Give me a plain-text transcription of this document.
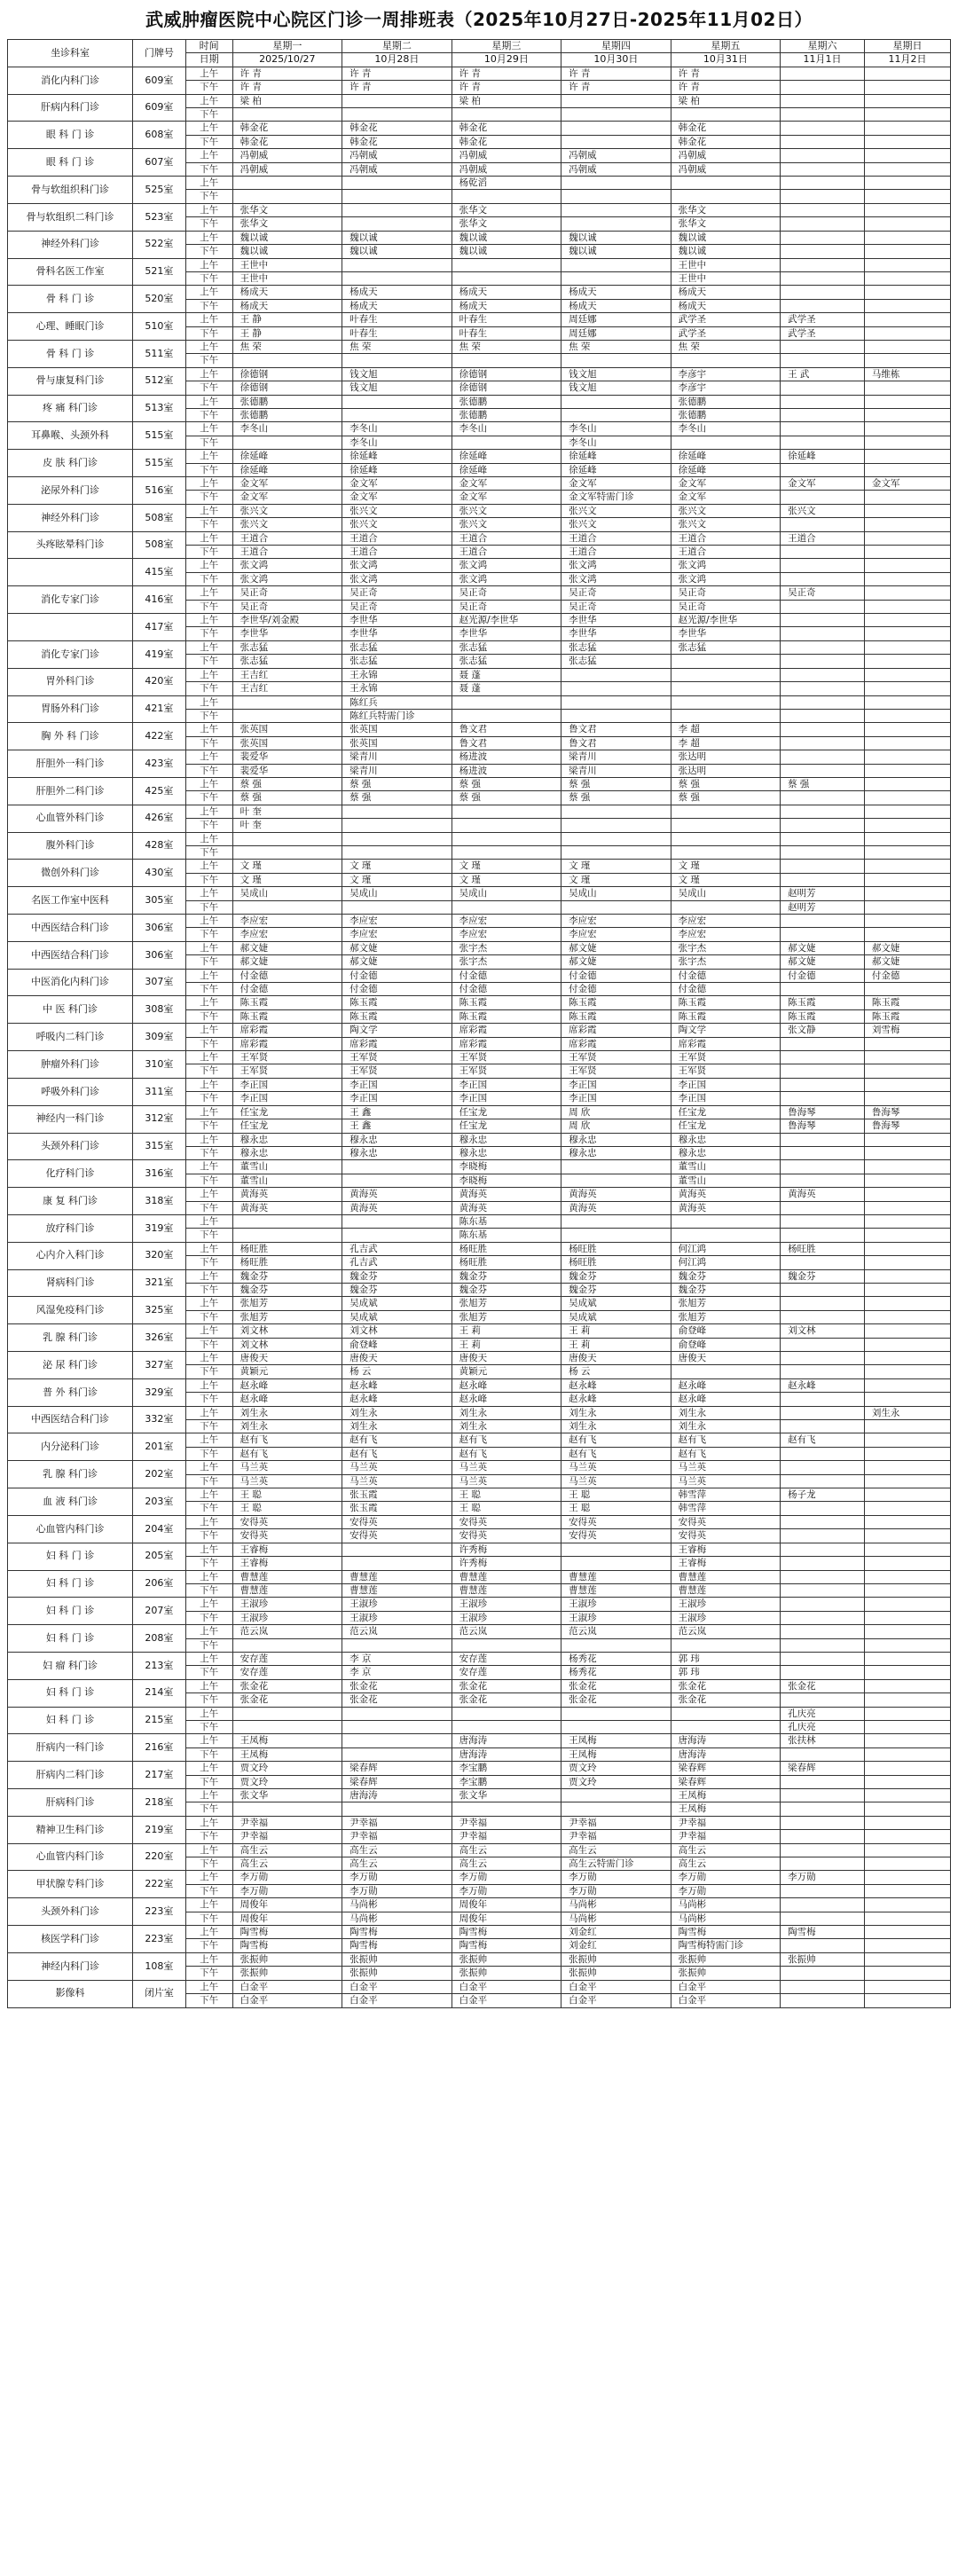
武威肿瘤医院中心院区门诊一周排班表（2025年10月27日-2025年11月02日）
坐诊科室	门牌号	时间	星期一	星期二	星期三	星期四	星期五	星期六	星期日
		日期	2025/10/27	10月28日	10月29日	10月30日	10月31日	11月1日	11月2日
消化内科门诊	609室	上午	许 青	许 青	许 青	许 青	许 青		
		下午	许 青	许 青	许 青	许 青	许 青		
肝病内科门诊	609室	上午	梁 柏		梁 柏		梁 柏		
		下午							
眼 科 门 诊	608室	上午	韩金花	韩金花	韩金花		韩金花		
		下午	韩金花	韩金花	韩金花		韩金花		
眼 科 门 诊	607室	上午	冯朝威	冯朝威	冯朝威	冯朝威	冯朝威		
		下午	冯朝威	冯朝威	冯朝威	冯朝威	冯朝威		
骨与软组织科门诊	525室	上午			杨乾滔				
		下午							
骨与软组织二科门诊	523室	上午	张华文		张华文		张华文		
		下午	张华文		张华文		张华文		
神经外科门诊	522室	上午	魏以诚	魏以诚	魏以诚	魏以诚	魏以诚		
		下午	魏以诚	魏以诚	魏以诚	魏以诚	魏以诚		
骨科名医工作室	521室	上午	王世中				王世中		
		下午	王世中				王世中		
骨 科 门 诊	520室	上午	杨成天	杨成天	杨成天	杨成天	杨成天		
		下午	杨成天	杨成天	杨成天	杨成天	杨成天		
心理、睡眠门诊	510室	上午	王 静	叶春生	叶春生	周廷娜	武学圣	武学圣	
		下午	王 静	叶春生	叶春生	周廷娜	武学圣	武学圣	
骨 科 门 诊	511室	上午	焦 荣	焦 荣	焦 荣	焦 荣	焦 荣		
		下午							
骨与康复科门诊	512室	上午	徐德钢	钱文旭	徐德钢	钱文旭	李彦宇	王 武	马维栋
		下午	徐德钢	钱文旭	徐德钢	钱文旭	李彦宇		
疼 痛 科门诊	513室	上午	张德鹏		张德鹏		张德鹏		
		下午	张德鹏		张德鹏		张德鹏		
耳鼻喉、头颈外科	515室	上午	李冬山	李冬山	李冬山	李冬山	李冬山		
		下午		李冬山		李冬山			
皮 肤 科门诊	515室	上午	徐延峰	徐延峰	徐延峰	徐延峰	徐延峰	徐延峰	
		下午	徐延峰	徐延峰	徐延峰	徐延峰	徐延峰		
泌尿外科门诊	516室	上午	金文军	金文军	金文军	金文军	金文军	金文军	金文军
		下午	金文军	金文军	金文军	金文军特需门诊	金文军		
神经外科门诊	508室	上午	张兴文	张兴文	张兴文	张兴文	张兴文	张兴文	
		下午	张兴文	张兴文	张兴文	张兴文	张兴文		
头疼眩晕科门诊	508室	上午	王道合	王道合	王道合	王道合	王道合	王道合	
		下午	王道合	王道合	王道合	王道合	王道合		
	415室	上午	张文鸿	张文鸿	张文鸿	张文鸿	张文鸿		
		下午	张文鸿	张文鸿	张文鸿	张文鸿	张文鸿		
消化专家门诊	416室	上午	吴正奇	吴正奇	吴正奇	吴正奇	吴正奇	吴正奇	
		下午	吴正奇	吴正奇	吴正奇	吴正奇	吴正奇		
	417室	上午	李世华/刘金殿	李世华	赵光源/李世华	李世华	赵光源/李世华		
		下午	李世华	李世华	李世华	李世华	李世华		
消化专家门诊	419室	上午	张志猛	张志猛	张志猛	张志猛	张志猛		
		下午	张志猛	张志猛	张志猛	张志猛			
胃外科门诊	420室	上午	王吉红	王永锦	聂 蓬				
		下午	王吉红	王永锦	聂 蓬				
胃肠外科门诊	421室	上午		陈红兵					
		下午		陈红兵特需门诊					
胸 外 科 门诊	422室	上午	张英国	张英国	鲁文君	鲁文君	李 超		
		下午	张英国	张英国	鲁文君	鲁文君	李 超		
肝胆外一科门诊	423室	上午	裴爱华	梁青川	杨进波	梁青川	张达明		
		下午	裴爱华	梁青川	杨进波	梁青川	张达明		
肝胆外二科门诊	425室	上午	蔡 强	蔡 强	蔡 强	蔡 强	蔡 强	蔡 强	
		下午	蔡 强	蔡 强	蔡 强	蔡 强	蔡 强		
心血管外科门诊	426室	上午	叶 奎						
		下午	叶 奎						
腹外科门诊	428室	上午							
		下午							
微创外科门诊	430室	上午	文 瑾	文 瑾	文 瑾	文 瑾	文 瑾		
		下午	文 瑾	文 瑾	文 瑾	文 瑾	文 瑾		
名医工作室中医科	305室	上午	吴成山	吴成山	吴成山	吴成山	吴成山	赵明芳	
		下午						赵明芳	
中西医结合科门诊	306室	上午	李应宏	李应宏	李应宏	李应宏	李应宏		
		下午	李应宏	李应宏	李应宏	李应宏	李应宏		
中西医结合科门诊	306室	上午	郝文婕	郝文婕	张宇杰	郝文婕	张宇杰	郝文婕	郝文婕
		下午	郝文婕	郝文婕	张宇杰	郝文婕	张宇杰	郝文婕	郝文婕
中医消化内科门诊	307室	上午	付金德	付金德	付金德	付金德	付金德	付金德	付金德
		下午	付金德	付金德	付金德	付金德	付金德		
中 医 科门诊	308室	上午	陈玉霞	陈玉霞	陈玉霞	陈玉霞	陈玉霞	陈玉霞	陈玉霞
		下午	陈玉霞	陈玉霞	陈玉霞	陈玉霞	陈玉霞	陈玉霞	陈玉霞
呼吸内二科门诊	309室	上午	席彩霞	陶文学	席彩霞	席彩霞	陶文学	张文静	刘雪梅
		下午	席彩霞	席彩霞	席彩霞	席彩霞	席彩霞		
肿瘤外科门诊	310室	上午	王军贤	王军贤	王军贤	王军贤	王军贤		
		下午	王军贤	王军贤	王军贤	王军贤	王军贤		
呼吸外科门诊	311室	上午	李正国	李正国	李正国	李正国	李正国		
		下午	李正国	李正国	李正国	李正国	李正国		
神经内一科门诊	312室	上午	任宝龙	王 鑫	任宝龙	周 欣	任宝龙	鲁海琴	鲁海琴
		下午	任宝龙	王 鑫	任宝龙	周 欣	任宝龙	鲁海琴	鲁海琴
头颈外科门诊	315室	上午	穆永忠	穆永忠	穆永忠	穆永忠	穆永忠		
		下午	穆永忠	穆永忠	穆永忠	穆永忠	穆永忠		
化疗科门诊	316室	上午	董雪山		李晓梅		董雪山		
		下午	董雪山		李晓梅		董雪山		
康 复 科门诊	318室	上午	黄海英	黄海英	黄海英	黄海英	黄海英	黄海英	
		下午	黄海英	黄海英	黄海英	黄海英	黄海英		
放疗科门诊	319室	上午			陈东基				
		下午			陈东基				
心内介入科门诊	320室	上午	杨旺胜	孔吉武	杨旺胜	杨旺胜	何江鸿	杨旺胜	
		下午	杨旺胜	孔吉武	杨旺胜	杨旺胜	何江鸿		
肾病科门诊	321室	上午	魏金芬	魏金芬	魏金芬	魏金芬	魏金芬	魏金芬	
		下午	魏金芬	魏金芬	魏金芬	魏金芬	魏金芬		
风湿免疫科门诊	325室	上午	张旭芳	吴成斌	张旭芳	吴成斌	张旭芳		
		下午	张旭芳	吴成斌	张旭芳	吴成斌	张旭芳		
乳 腺 科门诊	326室	上午	刘文林	刘文林	王 莉	王 莉	俞登峰	刘文林	
		下午	刘文林	俞登峰	王 莉	王 莉	俞登峰		
泌 尿 科门诊	327室	上午	唐俊天	唐俊天	唐俊天	唐俊天	唐俊天		
		下午	黄颖元	杨 云	黄颖元	杨 云			
普 外 科门诊	329室	上午	赵永峰	赵永峰	赵永峰	赵永峰	赵永峰	赵永峰	
		下午	赵永峰	赵永峰	赵永峰	赵永峰	赵永峰		
中西医结合科门诊	332室	上午	刘生永	刘生永	刘生永	刘生永	刘生永		刘生永
		下午	刘生永	刘生永	刘生永	刘生永	刘生永		
内分泌科门诊	201室	上午	赵有飞	赵有飞	赵有飞	赵有飞	赵有飞	赵有飞	
		下午	赵有飞	赵有飞	赵有飞	赵有飞	赵有飞		
乳 腺 科门诊	202室	上午	马兰英	马兰英	马兰英	马兰英	马兰英		
		下午	马兰英	马兰英	马兰英	马兰英	马兰英		
血 液 科门诊	203室	上午	王 聪	张玉霞	王 聪	王 聪	韩雪萍	杨子龙	
		下午	王 聪	张玉霞	王 聪	王 聪	韩雪萍		
心血管内科门诊	204室	上午	安得英	安得英	安得英	安得英	安得英		
		下午	安得英	安得英	安得英	安得英	安得英		
妇 科 门 诊	205室	上午	王睿梅		许秀梅		王睿梅		
		下午	王睿梅		许秀梅		王睿梅		
妇 科 门 诊	206室	上午	曹慧莲	曹慧莲	曹慧莲	曹慧莲	曹慧莲		
		下午	曹慧莲	曹慧莲	曹慧莲	曹慧莲	曹慧莲		
妇 科 门 诊	207室	上午	王淑珍	王淑珍	王淑珍	王淑珍	王淑珍		
		下午	王淑珍	王淑珍	王淑珍	王淑珍	王淑珍		
妇 科 门 诊	208室	上午	范云岚	范云岚	范云岚	范云岚	范云岚		
		下午							
妇 瘤 科门诊	213室	上午	安存莲	李 京	安存莲	杨秀花	郭 玮		
		下午	安存莲	李 京	安存莲	杨秀花	郭 玮		
妇 科 门 诊	214室	上午	张金花	张金花	张金花	张金花	张金花	张金花	
		下午	张金花	张金花	张金花	张金花	张金花		
妇 科 门 诊	215室	上午						孔庆亮	
		下午						孔庆亮	
肝病内一科门诊	216室	上午	王凤梅		唐海涛	王凤梅	唐海涛	张扶林	
		下午	王凤梅		唐海涛	王凤梅	唐海涛		
肝病内二科门诊	217室	上午	贾文玲	梁春辉	李宝鹏	贾文玲	梁春辉	梁春辉	
		下午	贾文玲	梁春辉	李宝鹏	贾文玲	梁春辉		
肝病科门诊	218室	上午	张文华	唐海涛	张文华		王凤梅		
		下午					王凤梅		
精神卫生科门诊	219室	上午	尹幸福	尹幸福	尹幸福	尹幸福	尹幸福		
		下午	尹幸福	尹幸福	尹幸福	尹幸福	尹幸福		
心血管内科门诊	220室	上午	高生云	高生云	高生云	高生云	高生云		
		下午	高生云	高生云	高生云	高生云特需门诊	高生云		
甲状腺专科门诊	222室	上午	李万勋	李万勋	李万勋	李万勋	李万勋	李万勋	
		下午	李万勋	李万勋	李万勋	李万勋	李万勋		
头颈外科门诊	223室	上午	周俊年	马尚彬	周俊年	马尚彬	马尚彬		
		下午	周俊年	马尚彬	周俊年	马尚彬	马尚彬		
核医学科门诊	223室	上午	陶雪梅	陶雪梅	陶雪梅	刘金红	陶雪梅	陶雪梅	
		下午	陶雪梅	陶雪梅	陶雪梅	刘金红	陶雪梅特需门诊		
神经内科门诊	108室	上午	张振帅	张振帅	张振帅	张振帅	张振帅	张振帅	
		下午	张振帅	张振帅	张振帅	张振帅	张振帅		
影像科	闭片室	上午	白金平	白金平	白金平	白金平	白金平		
		下午	白金平	白金平	白金平	白金平	白金平		
